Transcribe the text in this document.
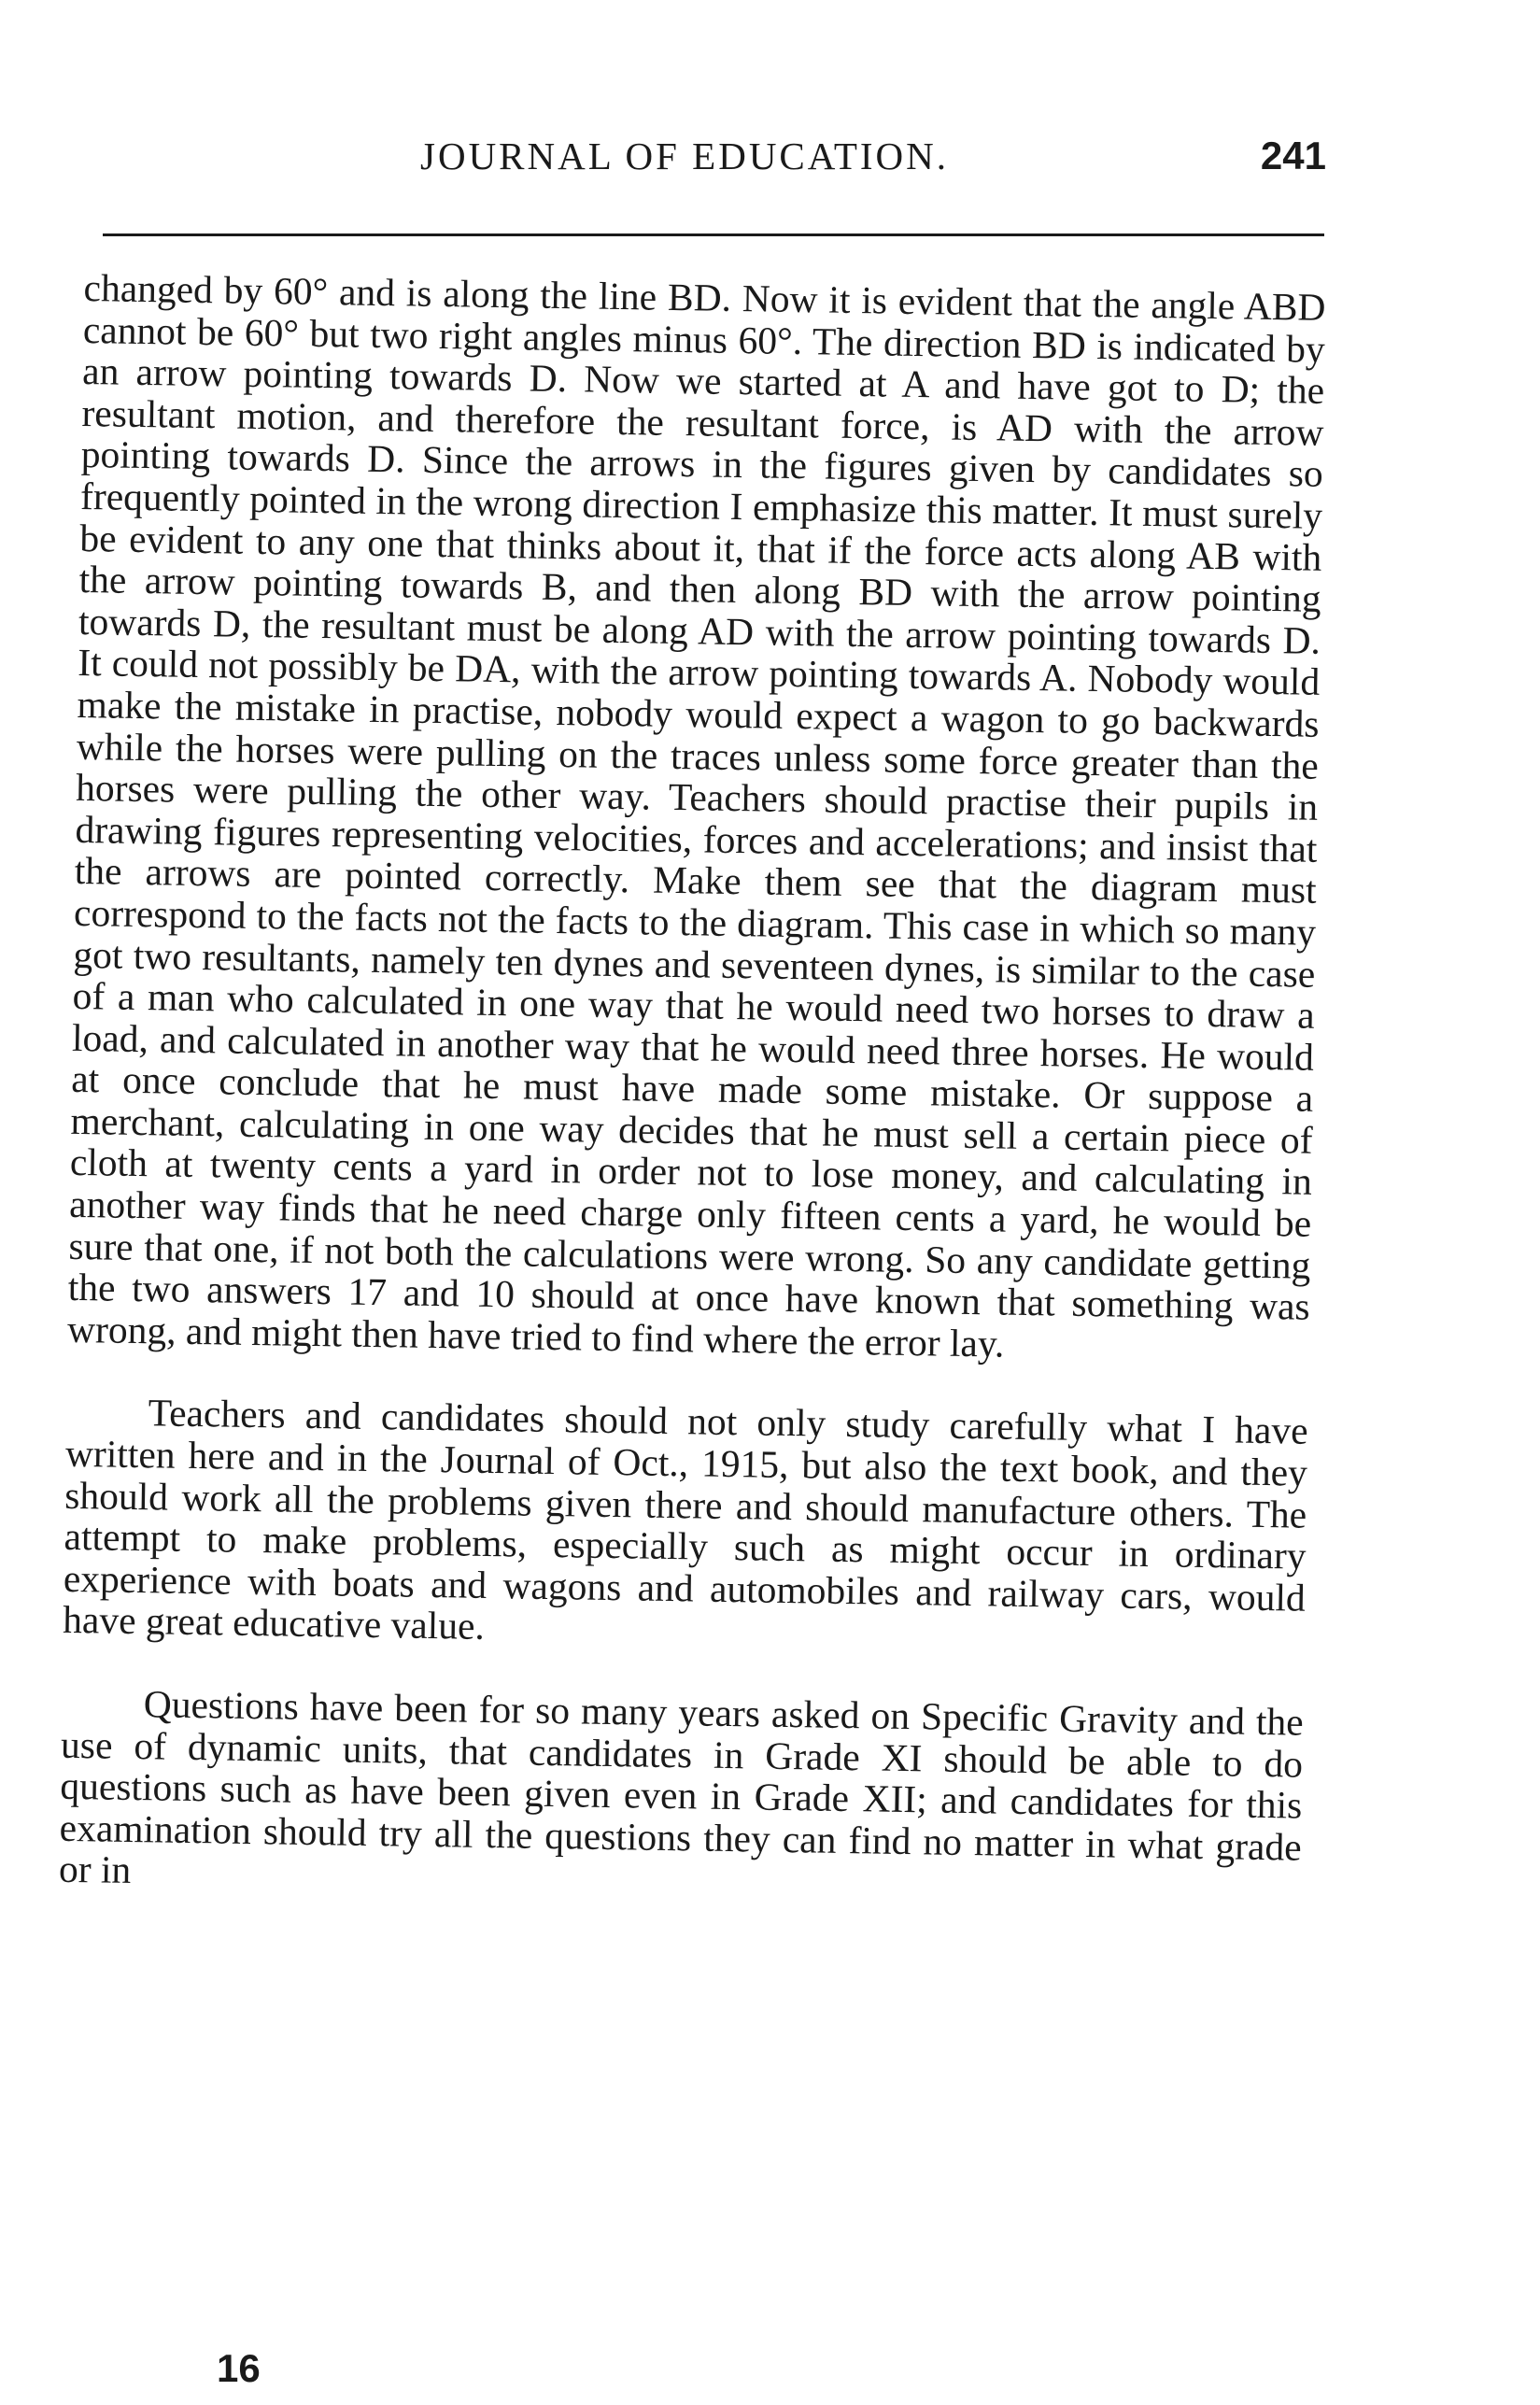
JOURNAL OF EDUCATION.	241

changed by 60° and is along the line BD. Now it is evident that the angle ABD cannot be 60° but two right angles minus 60°. The direction BD is indicated by an arrow pointing towards D. Now we started at A and have got to D; the resultant motion, and therefore the resultant force, is AD with the arrow pointing towards D. Since the arrows in the figures given by candidates so frequently pointed in the wrong direction I emphasize this matter. It must surely be evident to any one that thinks about it, that if the force acts along AB with the arrow pointing towards B, and then along BD with the arrow pointing towards D, the resultant must be along AD with the arrow pointing towards D. It could not possibly be DA, with the arrow pointing towards A. Nobody would make the mistake in practise, nobody would expect a wagon to go backwards while the horses were pulling on the traces unless some force greater than the horses were pulling the other way. Teachers should practise their pupils in drawing figures representing velocities, forces and accelerations; and insist that the arrows are pointed correctly. Make them see that the diagram must correspond to the facts not the facts to the diagram. This case in which so many got two resultants, namely ten dynes and seventeen dynes, is similar to the case of a man who calculated in one way that he would need two horses to draw a load, and calculated in another way that he would need three horses. He would at once conclude that he must have made some mistake. Or suppose a merchant, calculating in one way decides that he must sell a certain piece of cloth at twenty cents a yard in order not to lose money, and calculating in another way finds that he need charge only fifteen cents a yard, he would be sure that one, if not both the calculations were wrong. So any candidate getting the two answers 17 and 10 should at once have known that something was wrong, and might then have tried to find where the error lay.

Teachers and candidates should not only study carefully what I have written here and in the Journal of Oct., 1915, but also the text book, and they should work all the problems given there and should manufacture others. The attempt to make problems, especially such as might occur in ordinary experience with boats and wagons and automobiles and railway cars, would have great educative value.

Questions have been for so many years asked on Specific Gravity and the use of dynamic units, that candidates in Grade XI should be able to do questions such as have been given even in Grade XII; and candidates for this examination should try all the questions they can find no matter in what grade or in

16
